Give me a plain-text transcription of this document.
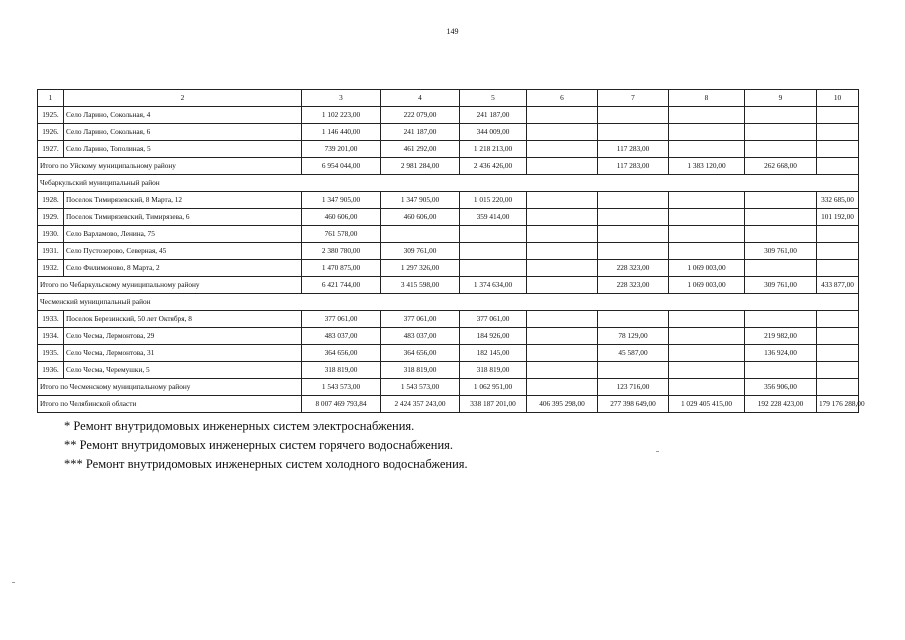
149
1	2	3	4	5	6	7	8	9	10
1925.	Село Ларино, Сокольная, 4	1 102 223,00	222 079,00	241 187,00					
1926.	Село Ларино, Сокольная, 6	1 146 440,00	241 187,00	344 009,00					
1927.	Село Ларино, Тополиная, 5	739 201,00	461 292,00	1 218 213,00		117 283,00			
Итого по Уйскому муниципальному району		6 954 044,00	2 981 284,00	2 436 426,00		117 283,00	1 383 120,00	262 668,00	
Чебаркульский муниципальный район									
1928.	Поселок Тимирязевский, 8 Марта, 12	1 347 905,00	1 347 905,00	1 015 220,00					332 685,00
1929.	Поселок Тимирязевский, Тимирязева, 6	460 606,00	460 606,00	359 414,00					101 192,00
1930.	Село Варламово, Ленина, 75	761 578,00							
1931.	Село Пустозерово, Северная, 45	2 380 780,00	309 761,00					309 761,00	
1932.	Село Филимоново, 8 Марта, 2	1 470 875,00	1 297 326,00			228 323,00	1 069 003,00		
Итого по Чебаркульскому муниципальному району		6 421 744,00	3 415 598,00	1 374 634,00		228 323,00	1 069 003,00	309 761,00	433 877,00
Чесменский муниципальный район									
1933.	Поселок Березинский, 50 лет Октября, 8	377 061,00	377 061,00	377 061,00					
1934.	Село Чесма, Лермонтова, 29	483 037,00	483 037,00	184 926,00		78 129,00		219 982,00	
1935.	Село Чесма, Лермонтова, 31	364 656,00	364 656,00	182 145,00		45 587,00		136 924,00	
1936.	Село Чесма, Черемушки, 5	318 819,00	318 819,00	318 819,00					
Итого по Чесменскому муниципальному району		1 543 573,00	1 543 573,00	1 062 951,00		123 716,00		356 906,00	
Итого по Челябинской области		8 007 469 793,84	2 424 357 243,00	338 187 201,00	406 395 298,00	277 398 649,00	1 029 405 415,00	192 228 423,00	179 176 288,00
* Ремонт внутридомовых инженерных систем электроснабжения.
** Ремонт внутридомовых инженерных систем горячего водоснабжения.
*** Ремонт внутридомовых инженерных систем холодного водоснабжения.
